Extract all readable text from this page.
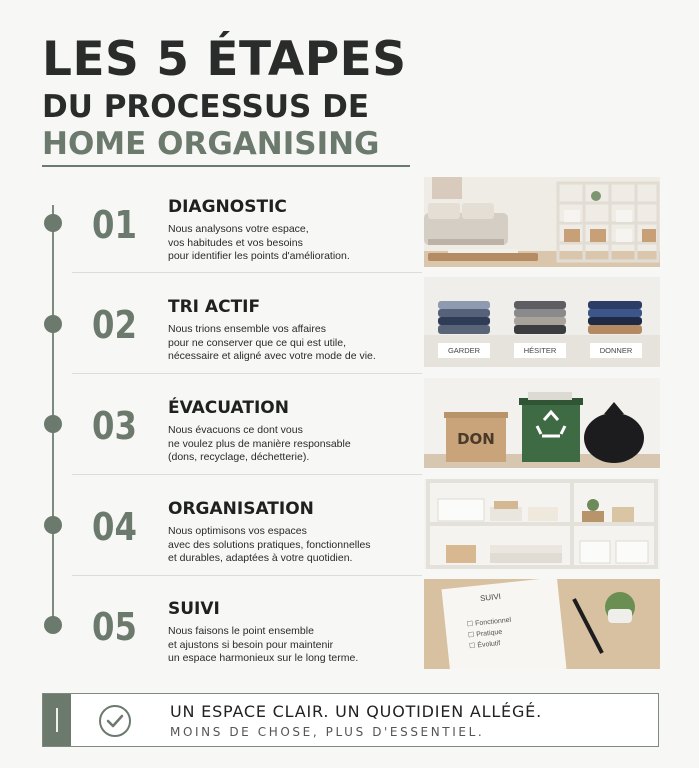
LES 5 ÉTAPES
DU PROCESSUS DE
HOME ORGANISING
01 DIAGNOSTIC
Nous analysons votre espace,
vos habitudes et vos besoins
pour identifier les points d'amélioration.
02 TRI ACTIF
Nous trions ensemble vos affaires
pour ne conserver que ce qui est utile,
nécessaire et aligné avec votre mode de vie.	GARDER	HÉSITER	DONNER
03 ÉVACUATION
Nous évacuons ce dont vous
ne voulez plus de manière responsable
(dons, recyclage, déchetterie).
DON
04 ORGANISATION
Nous optimisons vos espaces
avec des solutions pratiques, fonctionnelles
et durables, adaptées à votre quotidien.
05 SUIVI
Nous faisons le point ensemble
et ajustons si besoin pour maintenir
un espace harmonieux sur le long terme.
SUIVI
☐ Fonctionnel
☐ Pratique
☐ Évolutif
UN ESPACE CLAIR. UN QUOTIDIEN ALLÉGÉ.
MOINS DE CHOSE, PLUS D'ESSENTIEL.
